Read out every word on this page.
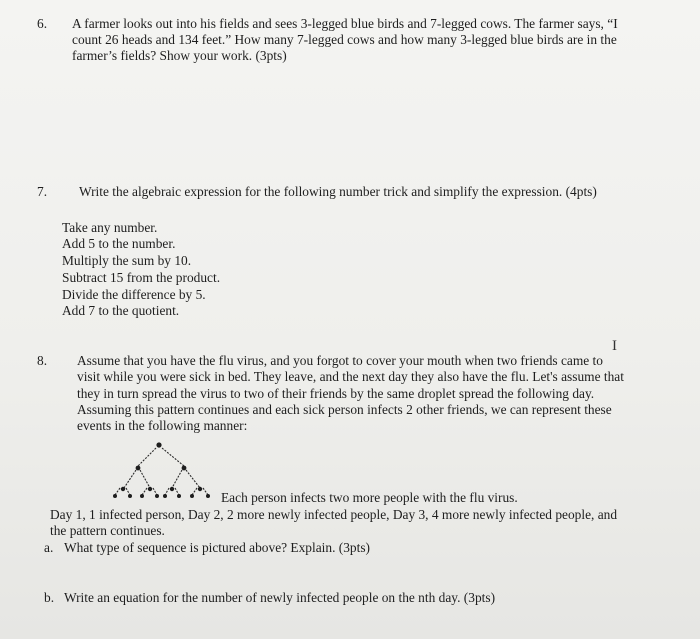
6. A farmer looks out into his fields and sees 3-legged blue birds and 7-legged cows. The farmer says, “I
count 26 heads and 134 feet.” How many 7-legged cows and how many 3-legged blue birds are in the
farmer’s fields? Show your work. (3pts)
7. Write the algebraic expression for the following number trick and simplify the expression. (4pts)
Take any number.
Add 5 to the number.
Multiply the sum by 10.
Subtract 15 from the product.
Divide the difference by 5.
Add 7 to the quotient.
I
8. Assume that you have the flu virus, and you forgot to cover your mouth when two friends came to
visit while you were sick in bed. They leave, and the next day they also have the flu. Let's assume that
they in turn spread the virus to two of their friends by the same droplet spread the following day.
Assuming this pattern continues and each sick person infects 2 other friends, we can represent these
events in the following manner:
Each person infects two more people with the flu virus.
Day 1, 1 infected person, Day 2, 2 more newly infected people, Day 3, 4 more newly infected people, and
the pattern continues.
a. What type of sequence is pictured above? Explain. (3pts)
b. Write an equation for the number of newly infected people on the nth day. (3pts)
